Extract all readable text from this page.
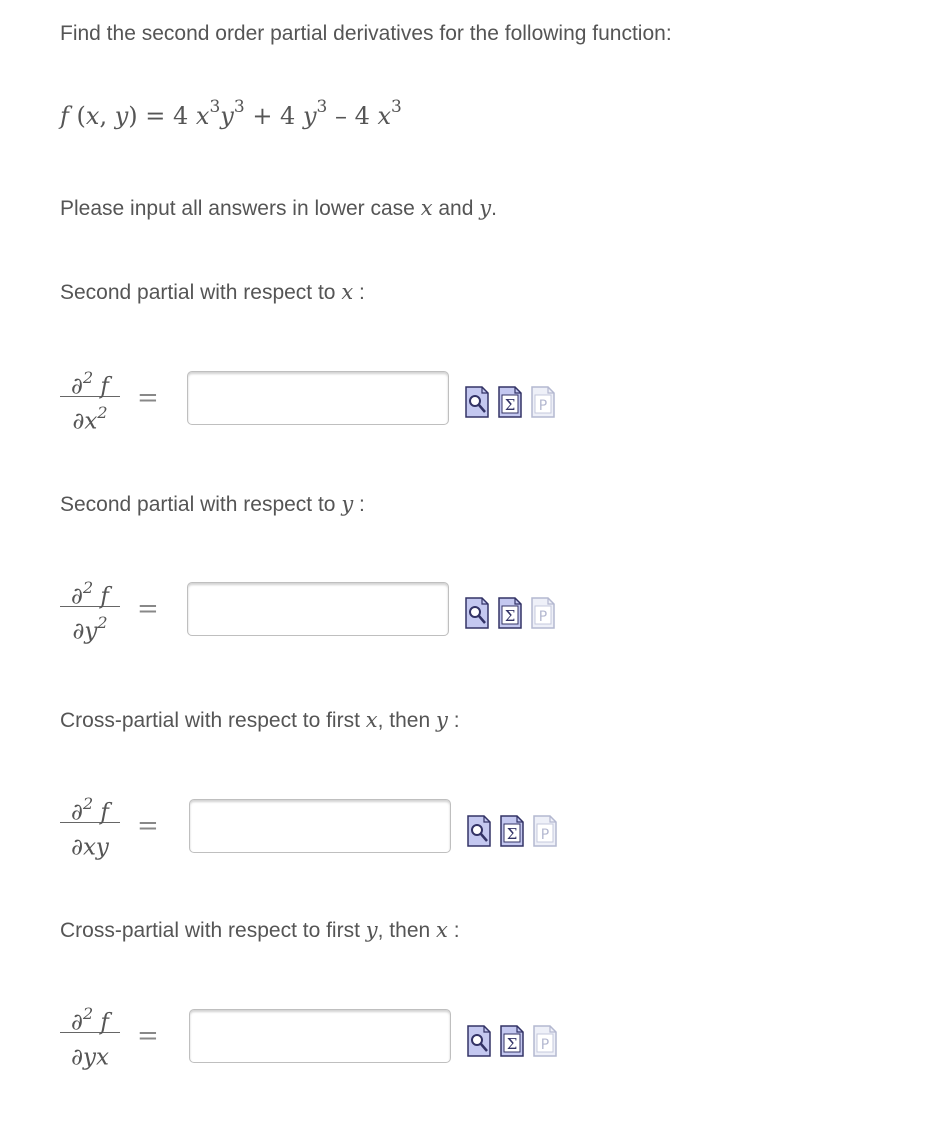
Find the second order partial derivatives for the following function:
f (x, y) = 4 $x^3y^3 + 4$ $y^3 - 4$ $x^3$
Please input all answers in lower case x and y.
Second partial with respect to x :
$\frac{\partial^2 f}{\partial x^2}$ =	Σ P
Second partial with respect to y :
$\frac{\partial^2 f}{\partial y^2}$ =	Σ P
Cross-partial with respect to first x, then y :
$\frac{\partial^2 f}{\partial xy}$ =	Σ P
Cross-partial with respect to first y, then x :
$\frac{\partial^2 f}{\partial yx}$ =	Σ P
